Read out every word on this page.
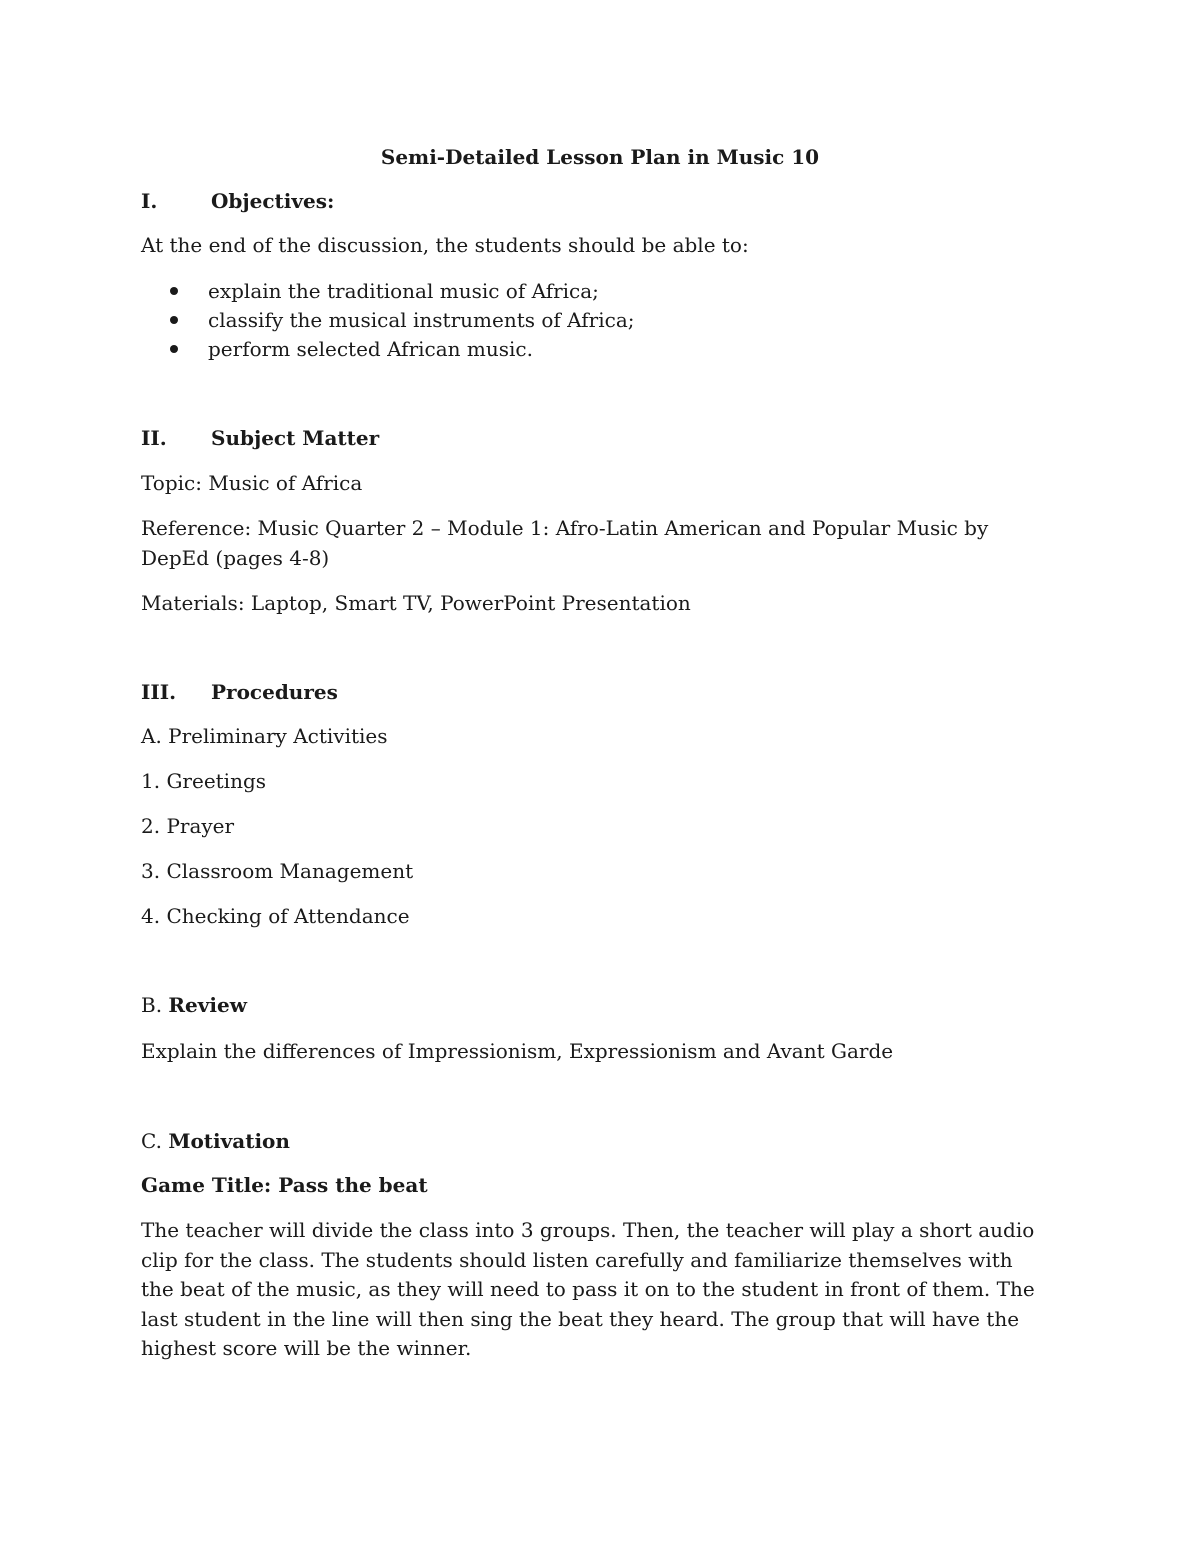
Semi-Detailed Lesson Plan in Music 10
I.	Objectives:
At the end of the discussion, the students should be able to:
explain the traditional music of Africa;
classify the musical instruments of Africa;
perform selected African music.
II. Subject Matter
Topic: Music of Africa
Reference: Music Quarter 2 – Module 1: Afro-Latin American and Popular Music by DepEd (pages 4-8)
Materials: Laptop, Smart TV, PowerPoint Presentation
III. Procedures
A. Preliminary Activities
1. Greetings
2. Prayer
3. Classroom Management
4. Checking of Attendance
B. Review
Explain the differences of Impressionism, Expressionism and Avant Garde
C. Motivation
Game Title: Pass the beat
The teacher will divide the class into 3 groups. Then, the teacher will play a short audio clip for the class. The students should listen carefully and familiarize themselves with the beat of the music, as they will need to pass it on to the student in front of them. The last student in the line will then sing the beat they heard. The group that will have the highest score will be the winner.
